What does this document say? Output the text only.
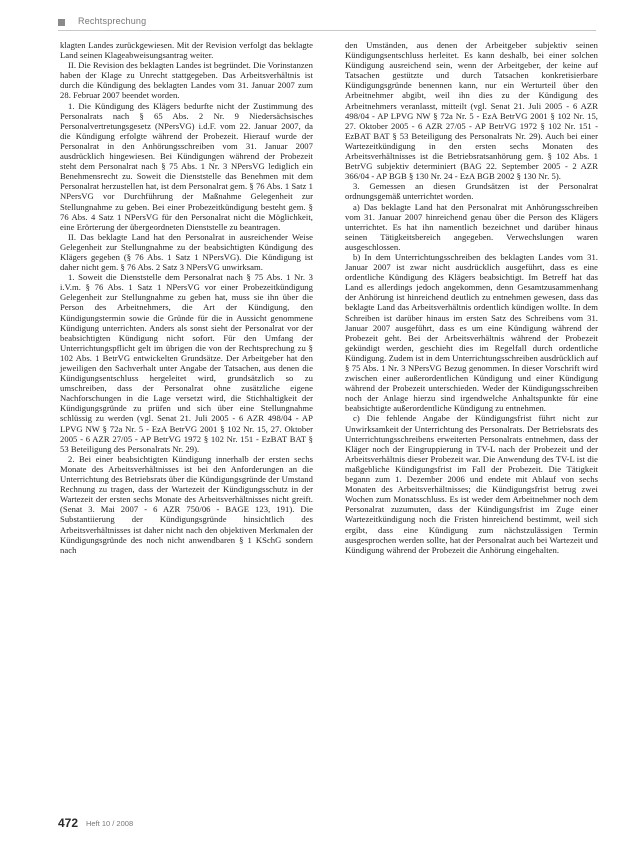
Rechtsprechung

klagten Landes zurückgewiesen. Mit der Revision verfolgt das beklagte Land seinen Klageabweisungsantrag weiter.

II. Die Revision des beklagten Landes ist begründet. Die Vorinstanzen haben der Klage zu Unrecht stattgegeben. Das Arbeitsverhältnis ist durch die Kündigung des beklagten Landes vom 31. Januar 2007 zum 28. Februar 2007 beendet worden.

1. Die Kündigung des Klägers bedurfte nicht der Zustimmung des Personalrats nach § 65 Abs. 2 Nr. 9 Niedersächsisches Personalvertretungsgesetz (NPersVG) i.d.F. vom 22. Januar 2007, da die Kündigung erfolgte während der Probezeit. Hierauf wurde der Personalrat in den Anhörungsschreiben vom 31. Januar 2007 ausdrücklich hingewiesen. Bei Kündigungen während der Probezeit steht dem Personalrat nach § 75 Abs. 1 Nr. 3 NPersVG lediglich ein Benehmensrecht zu. Soweit die Dienststelle das Benehmen mit dem Personalrat herzustellen hat, ist dem Personalrat gem. § 76 Abs. 1 Satz 1 NPersVG vor Durchführung der Maßnahme Gelegenheit zur Stellungnahme zu geben. Bei einer Probezeitkündigung besteht gem. § 76 Abs. 4 Satz 1 NPersVG für den Personalrat nicht die Möglichkeit, eine Erörterung der übergeordneten Dienststelle zu beantragen.

II. Das beklagte Land hat den Personalrat in ausreichender Weise Gelegenheit zur Stellungnahme zu der beabsichtigten Kündigung des Klägers gegeben (§ 76 Abs. 1 Satz 1 NPersVG). Die Kündigung ist daher nicht gem. § 76 Abs. 2 Satz 3 NPersVG unwirksam.

1. Soweit die Dienststelle dem Personalrat nach § 75 Abs. 1 Nr. 3 i.V.m. § 76 Abs. 1 Satz 1 NPersVG vor einer Probezeitkündigung Gelegenheit zur Stellungnahme zu geben hat, muss sie ihn über die Person des Arbeitnehmers, die Art der Kündigung, den Kündigungstermin sowie die Gründe für die in Aussicht genommene Kündigung unterrichten. Anders als sonst sieht der Personalrat vor der beabsichtigten Kündigung nicht sofort. Für den Umfang der Unterrichtungspflicht gelt im übrigen die von der Rechtsprechung zu § 102 Abs. 1 BetrVG entwickelten Grundsätze. Der Arbeitgeber hat den jeweiligen den Sachverhalt unter Angabe der Tatsachen, aus denen die Kündigungsentschluss hergeleitet wird, grundsätzlich so zu umschreiben, dass der Personalrat ohne zusätzliche eigene Nachforschungen in die Lage versetzt wird, die Stichhaltigkeit der Kündigungsgründe zu prüfen und sich über eine Stellungnahme schlüssig zu werden (vgl. Senat 21. Juli 2005 - 6 AZR 498/04 - AP LPVG NW § 72a Nr. 5 - EzA BetrVG 2001 § 102 Nr. 15, 27. Oktober 2005 - 6 AZR 27/05 - AP BetrVG 1972 § 102 Nr. 151 - EzBAT BAT § 53 Beteiligung des Personalrats Nr. 29).

2. Bei einer beabsichtigten Kündigung innerhalb der ersten sechs Monate des Arbeitsverhältnisses ist bei den Anforderungen an die Unterrichtung des Betriebsrats über die Kündigungsgründe der Umstand Rechnung zu tragen, dass der Wartezeit der Kündigungsschutz in der Wartezeit der ersten sechs Monate des Arbeitsverhältnisses nicht greift. (Senat 3. Mai 2007 - 6 AZR 750/06 - BAGE 123, 191). Die Substantiierung der Kündigungsgründe hinsichtlich des Arbeitsverhältnisses ist daher nicht nach den objektiven Merkmalen der Kündigungsgründe des noch nicht anwendbaren § 1 KSchG sondern nach

den Umständen, aus denen der Arbeitgeber subjektiv seinen Kündigungsentschluss herleitet. Es kann deshalb, bei einer solchen Kündigung ausreichend sein, wenn der Arbeitgeber, der keine auf Tatsachen gestützte und durch Tatsachen konkretisierbare Kündigungsgründe benennen kann, nur ein Werturteil über den Arbeitnehmer abgibt, weil ihn dies zu der Kündigung des Arbeitnehmers veranlasst, mitteilt (vgl. Senat 21. Juli 2005 - 6 AZR 498/04 - AP LPVG NW § 72a Nr. 5 - EzA BetrVG 2001 § 102 Nr. 15, 27. Oktober 2005 - 6 AZR 27/05 - AP BetrVG 1972 § 102 Nr. 151 - EzBAT BAT § 53 Beteiligung des Personalrats Nr. 29). Auch bei einer Wartezeitkündigung in den ersten sechs Monaten des Arbeitsverhältnisses ist die Betriebsratsanhörung gem. § 102 Abs. 1 BetrVG subjektiv determiniert (BAG 22. September 2005 - 2 AZR 366/04 - AP BGB § 130 Nr. 24 - EzA BGB 2002 § 130 Nr. 5).

3. Gemessen an diesen Grundsätzen ist der Personalrat ordnungsgemäß unterrichtet worden.

a) Das beklagte Land hat den Personalrat mit Anhörungsschreiben vom 31. Januar 2007 hinreichend genau über die Person des Klägers unterrichtet. Es hat ihn namentlich bezeichnet und darüber hinaus seinen Tätigkeitsbereich angegeben. Verwechslungen waren ausgeschlossen.

b) In dem Unterrichtungsschreiben des beklagten Landes vom 31. Januar 2007 ist zwar nicht ausdrücklich ausgeführt, dass es eine ordentliche Kündigung des Klägers beabsichtigt. Im Betreff hat das Land es allerdings jedoch angekommen, denn Gesamtzusammenhang der Anhörung ist hinreichend deutlich zu entnehmen gewesen, dass das beklagte Land das Arbeitsverhältnis ordentlich kündigen wollte. In dem Schreiben ist darüber hinaus im ersten Satz des Schreibens vom 31. Januar 2007 ausgeführt, dass es um eine Kündigung während der Probezeit geht. Bei der Arbeitsverhältnis während der Probezeit gekündigt werden, geschieht dies im Regelfall durch ordentliche Kündigung. Zudem ist in dem Unterrichtungsschreiben ausdrücklich auf § 75 Abs. 1 Nr. 3 NPersVG Bezug genommen. In dieser Vorschrift wird zwischen einer außerordentlichen Kündigung und einer Kündigung während der Probezeit unterschieden. Weder der Kündigungsschreiben noch der Anlage hierzu sind irgendwelche Anhaltspunkte für eine beabsichtigte außerordentliche Kündigung zu entnehmen.

c) Die fehlende Angabe der Kündigungsfrist führt nicht zur Unwirksamkeit der Unterrichtung des Personalrats. Der Betriebsrats des Unterrichtungsschreibens erweiterten Personalrats entnehmen, dass der Kläger noch der Eingruppierung in TV-L nach der Probezeit und der Arbeitsverhältnis dieser Probezeit war. Die Anwendung des TV-L ist die maßgebliche Kündigungsfrist im Fall der Probezeit. Die Tätigkeit begann zum 1. Dezember 2006 und endete mit Ablauf von sechs Monaten des Arbeitsverhältnisses; die Kündigungsfrist betrug zwei Wochen zum Monatsschluss. Es ist weder dem Arbeitnehmer noch dem Personalrat zuzumuten, dass der Kündigungsfrist im Zuge einer Wartezeitkündigung noch die Fristen hinreichend bestimmt, weil sich ergibt, dass eine Kündigung zum nächstzulässigen Termin ausgesprochen werden sollte, hat der Personalrat auch bei Wartezeit und Kündigung während der Probezeit die Anhörung eingehalten.

472 Heft 10 / 2008
